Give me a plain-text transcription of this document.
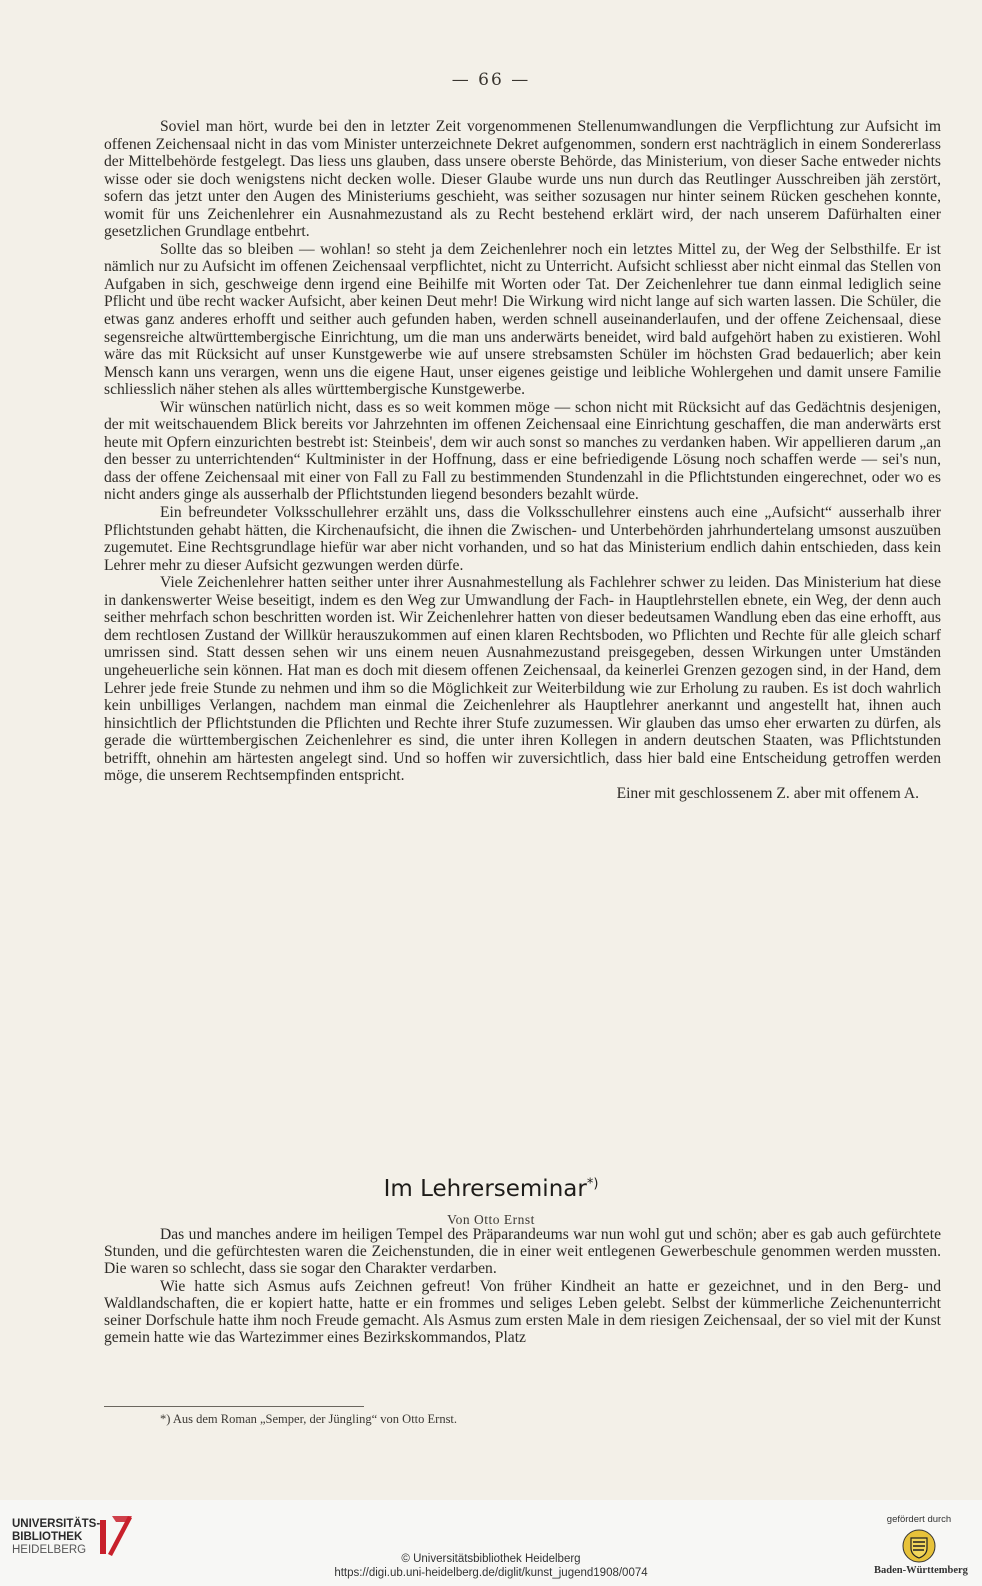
— 66 —

Soviel man hört, wurde bei den in letzter Zeit vorgenommenen Stellenumwandlungen die Verpflichtung zur Aufsicht im offenen Zeichensaal nicht in das vom Minister unterzeichnete Dekret aufgenommen, sondern erst nachträglich in einem Sondererlass der Mittelbehörde festgelegt. Das liess uns glauben, dass unsere oberste Behörde, das Ministerium, von dieser Sache entweder nichts wisse oder sie doch wenigstens nicht decken wolle. Dieser Glaube wurde uns nun durch das Reutlinger Ausschreiben jäh zerstört, sofern das jetzt unter den Augen des Ministeriums geschieht, was seither sozusagen nur hinter seinem Rücken geschehen konnte, womit für uns Zeichenlehrer ein Ausnahmezustand als zu Recht bestehend erklärt wird, der nach unserem Dafürhalten einer gesetzlichen Grundlage entbehrt.

Sollte das so bleiben — wohlan! so steht ja dem Zeichenlehrer noch ein letztes Mittel zu, der Weg der Selbsthilfe. Er ist nämlich nur zu Aufsicht im offenen Zeichensaal verpflichtet, nicht zu Unterricht. Aufsicht schliesst aber nicht einmal das Stellen von Aufgaben in sich, geschweige denn irgend eine Beihilfe mit Worten oder Tat. Der Zeichenlehrer tue dann einmal lediglich seine Pflicht und übe recht wacker Aufsicht, aber keinen Deut mehr! Die Wirkung wird nicht lange auf sich warten lassen. Die Schüler, die etwas ganz anderes erhofft und seither auch gefunden haben, werden schnell auseinanderlaufen, und der offene Zeichensaal, diese segensreiche altwürttembergische Einrichtung, um die man uns anderwärts beneidet, wird bald aufgehört haben zu existieren. Wohl wäre das mit Rücksicht auf unser Kunstgewerbe wie auf unsere strebsamsten Schüler im höchsten Grad bedauerlich; aber kein Mensch kann uns verargen, wenn uns die eigene Haut, unser eigenes geistige und leibliche Wohlergehen und damit unsere Familie schliesslich näher stehen als alles württembergische Kunstgewerbe.

Wir wünschen natürlich nicht, dass es so weit kommen möge — schon nicht mit Rücksicht auf das Gedächtnis desjenigen, der mit weitschauendem Blick bereits vor Jahrzehnten im offenen Zeichensaal eine Einrichtung geschaffen, die man anderwärts erst heute mit Opfern einzurichten bestrebt ist: Steinbeis', dem wir auch sonst so manches zu verdanken haben. Wir appellieren darum „an den besser zu unterrichtenden“ Kultminister in der Hoffnung, dass er eine befriedigende Lösung noch schaffen werde — sei's nun, dass der offene Zeichensaal mit einer von Fall zu Fall zu bestimmenden Stundenzahl in die Pflichtstunden eingerechnet, oder wo es nicht anders ginge als ausserhalb der Pflichtstunden liegend besonders bezahlt würde.

Ein befreundeter Volksschullehrer erzählt uns, dass die Volksschullehrer einstens auch eine „Aufsicht“ ausserhalb ihrer Pflichtstunden gehabt hätten, die Kirchenaufsicht, die ihnen die Zwischen- und Unterbehörden jahrhundertelang umsonst auszuüben zugemutet. Eine Rechtsgrundlage hiefür war aber nicht vorhanden, und so hat das Ministerium endlich dahin entschieden, dass kein Lehrer mehr zu dieser Aufsicht gezwungen werden dürfe.

Viele Zeichenlehrer hatten seither unter ihrer Ausnahmestellung als Fachlehrer schwer zu leiden. Das Ministerium hat diese in dankenswerter Weise beseitigt, indem es den Weg zur Umwandlung der Fach- in Hauptlehrstellen ebnete, ein Weg, der denn auch seither mehrfach schon beschritten worden ist. Wir Zeichenlehrer hatten von dieser bedeutsamen Wandlung eben das eine erhofft, aus dem rechtlosen Zustand der Willkür herauszukommen auf einen klaren Rechtsboden, wo Pflichten und Rechte für alle gleich scharf umrissen sind. Statt dessen sehen wir uns einem neuen Ausnahmezustand preisgegeben, dessen Wirkungen unter Umständen ungeheuerliche sein können. Hat man es doch mit diesem offenen Zeichensaal, da keinerlei Grenzen gezogen sind, in der Hand, dem Lehrer jede freie Stunde zu nehmen und ihm so die Möglichkeit zur Weiterbildung wie zur Erholung zu rauben. Es ist doch wahrlich kein unbilliges Verlangen, nachdem man einmal die Zeichenlehrer als Hauptlehrer anerkannt und angestellt hat, ihnen auch hinsichtlich der Pflichtstunden die Pflichten und Rechte ihrer Stufe zuzumessen. Wir glauben das umso eher erwarten zu dürfen, als gerade die württembergischen Zeichenlehrer es sind, die unter ihren Kollegen in andern deutschen Staaten, was Pflichtstunden betrifft, ohnehin am härtesten angelegt sind. Und so hoffen wir zuversichtlich, dass hier bald eine Entscheidung getroffen werden möge, die unserem Rechtsempfinden entspricht.

Einer mit geschlossenem Z. aber mit offenem A.

Im Lehrerseminar*)
Von Otto Ernst

Das und manches andere im heiligen Tempel des Präparandeums war nun wohl gut und schön; aber es gab auch gefürchtete Stunden, und die gefürchtesten waren die Zeichenstunden, die in einer weit entlegenen Gewerbeschule genommen werden mussten. Die waren so schlecht, dass sie sogar den Charakter verdarben.

Wie hatte sich Asmus aufs Zeichnen gefreut! Von früher Kindheit an hatte er gezeichnet, und in den Berg- und Waldlandschaften, die er kopiert hatte, hatte er ein frommes und seliges Leben gelebt. Selbst der kümmerliche Zeichenunterricht seiner Dorfschule hatte ihm noch Freude gemacht. Als Asmus zum ersten Male in dem riesigen Zeichensaal, der so viel mit der Kunst gemein hatte wie das Wartezimmer eines Bezirkskommandos, Platz

*) Aus dem Roman „Semper, der Jüngling“ von Otto Ernst.
UNIVERSITÄTS-
BIBLIOTHEK
HEIDELBERG
© Universitätsbibliothek Heidelberg
https://digi.ub.uni-heidelberg.de/diglit/kunst_jugend1908/0074
gefördert durch
Baden-Württemberg
